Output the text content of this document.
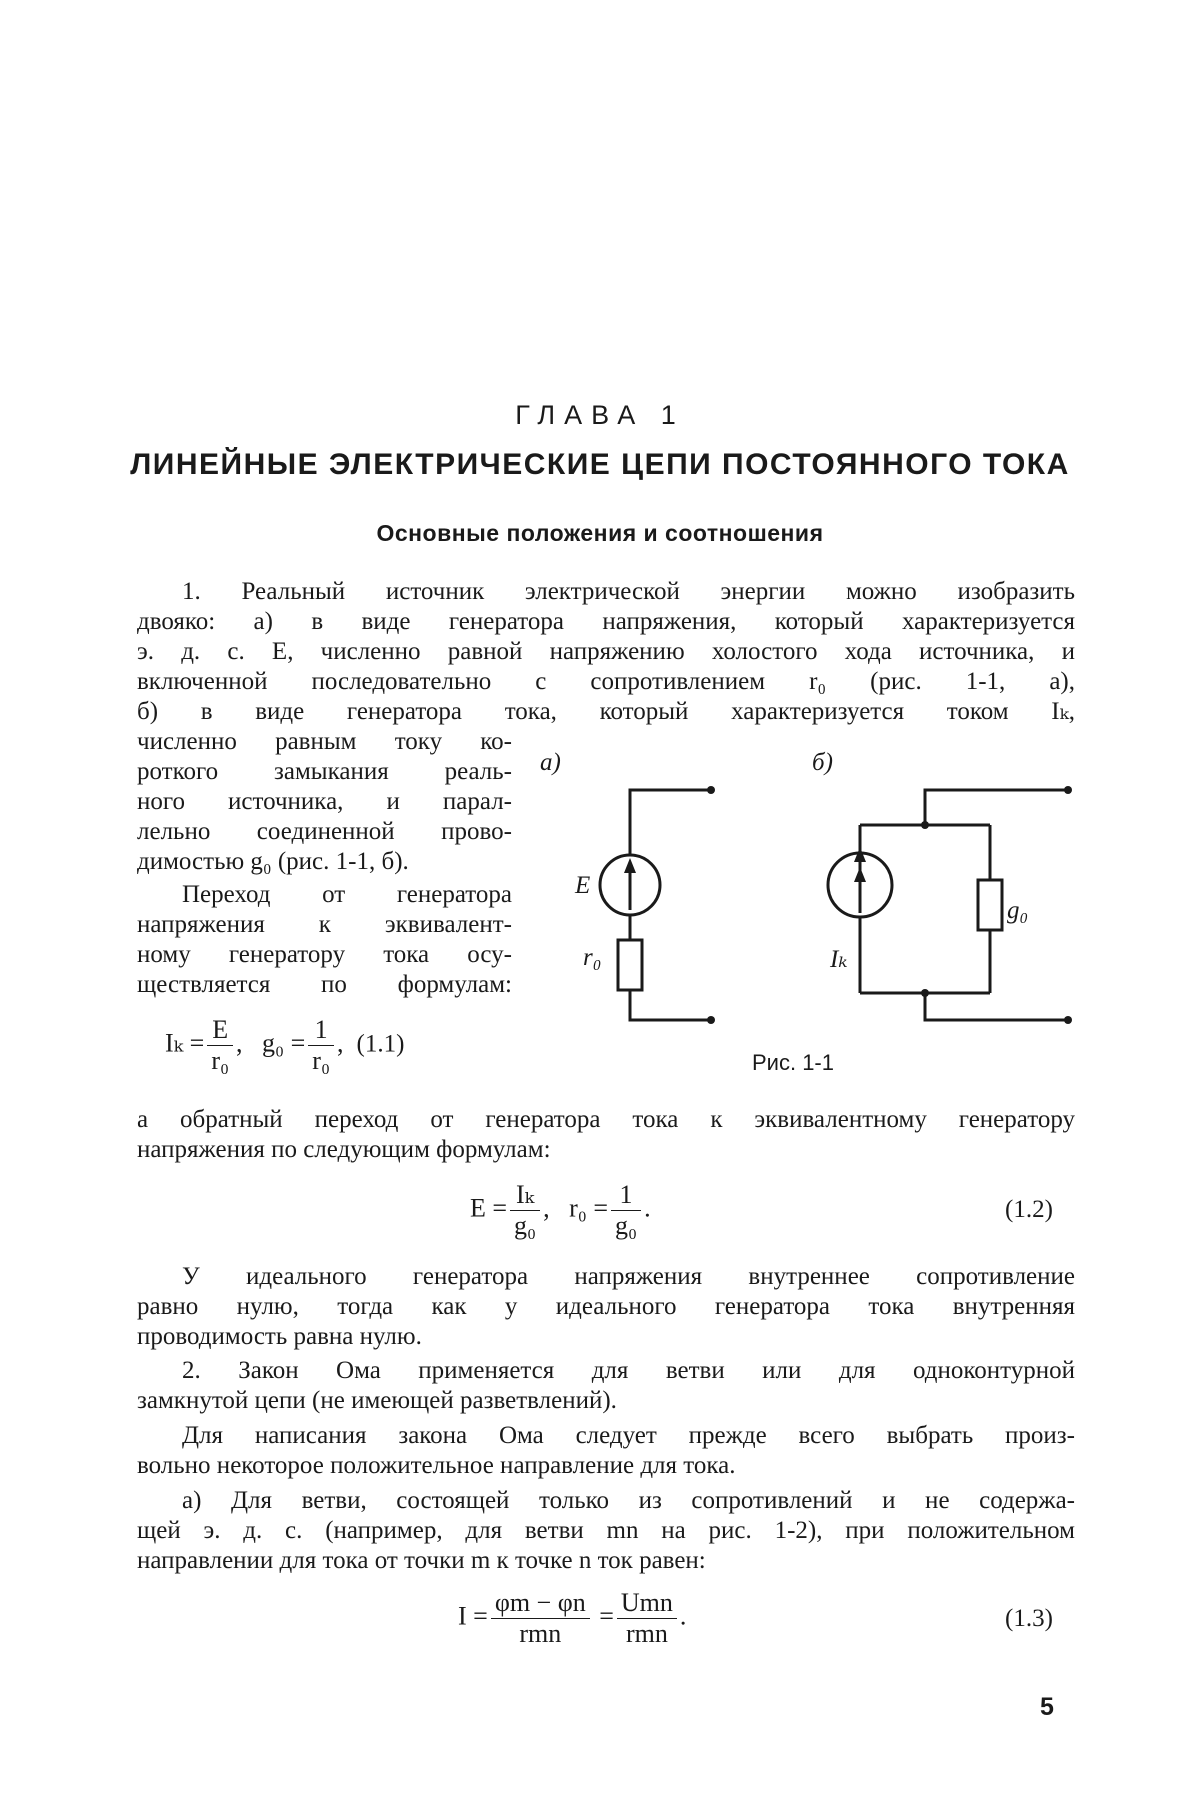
ГЛАВА 1
ЛИНЕЙНЫЕ ЭЛЕКТРИЧЕСКИЕ ЦЕПИ ПОСТОЯННОГО ТОКА
Основные положения и соотношения
1. Реальный источник электрической энергии можно изобразить
двояко: а) в виде генератора напряжения, который характеризуется
э. д. с. E, численно равной напряжению холостого хода источника, и
включенной последовательно с сопротивлением r₀ (рис. 1-1, а),
б) в виде генератора тока, который характеризуется током Iₖ,
численно равным току ко-
роткого замыкания реаль-
ного источника, и парал-
лельно соединенной прово-
димостью g₀ (рис. 1-1, б).
Переход от генератора
напряжения к эквивалент-
ному генератору тока осу-
ществляется по формулам:
$I_k = \frac{E}{\text{r₀}}$ , $g_0 = \frac{1}{\text{r₀}}$ , (1.1)
а)	б)
E
r₀	Iₖ
g₀
Рис. 1-1
а обратный переход от генератора тока к эквивалентному генератору
напряжения по следующим формулам:
$E = \frac{\text{Iₖ}}{\text{g₀}}$ , $r_0 = \frac{1}{\text{g₀}}$ .	(1.2)
У идеального генератора напряжения внутреннее сопротивление
равно нулю, тогда как у идеального генератора тока внутренняя
проводимость равна нулю.
2. Закон Ома применяется для ветви или для одноконтурной
замкнутой цепи (не имеющей разветвлений).
Для написания закона Ома следует прежде всего выбрать произ-
вольно некоторое положительное направление для тока.
а) Для ветви, состоящей только из сопротивлений и не содержа-
щей э. д. с. (например, для ветви mn на рис. 1-2), при положительном
направлении для тока от точки m к точке n ток равен:
$I = \frac{\varphi m - \varphi n}{\text{rmn}} = \frac{\text{Umn}}{\text{rmn}}$ .	(1.3)
5
